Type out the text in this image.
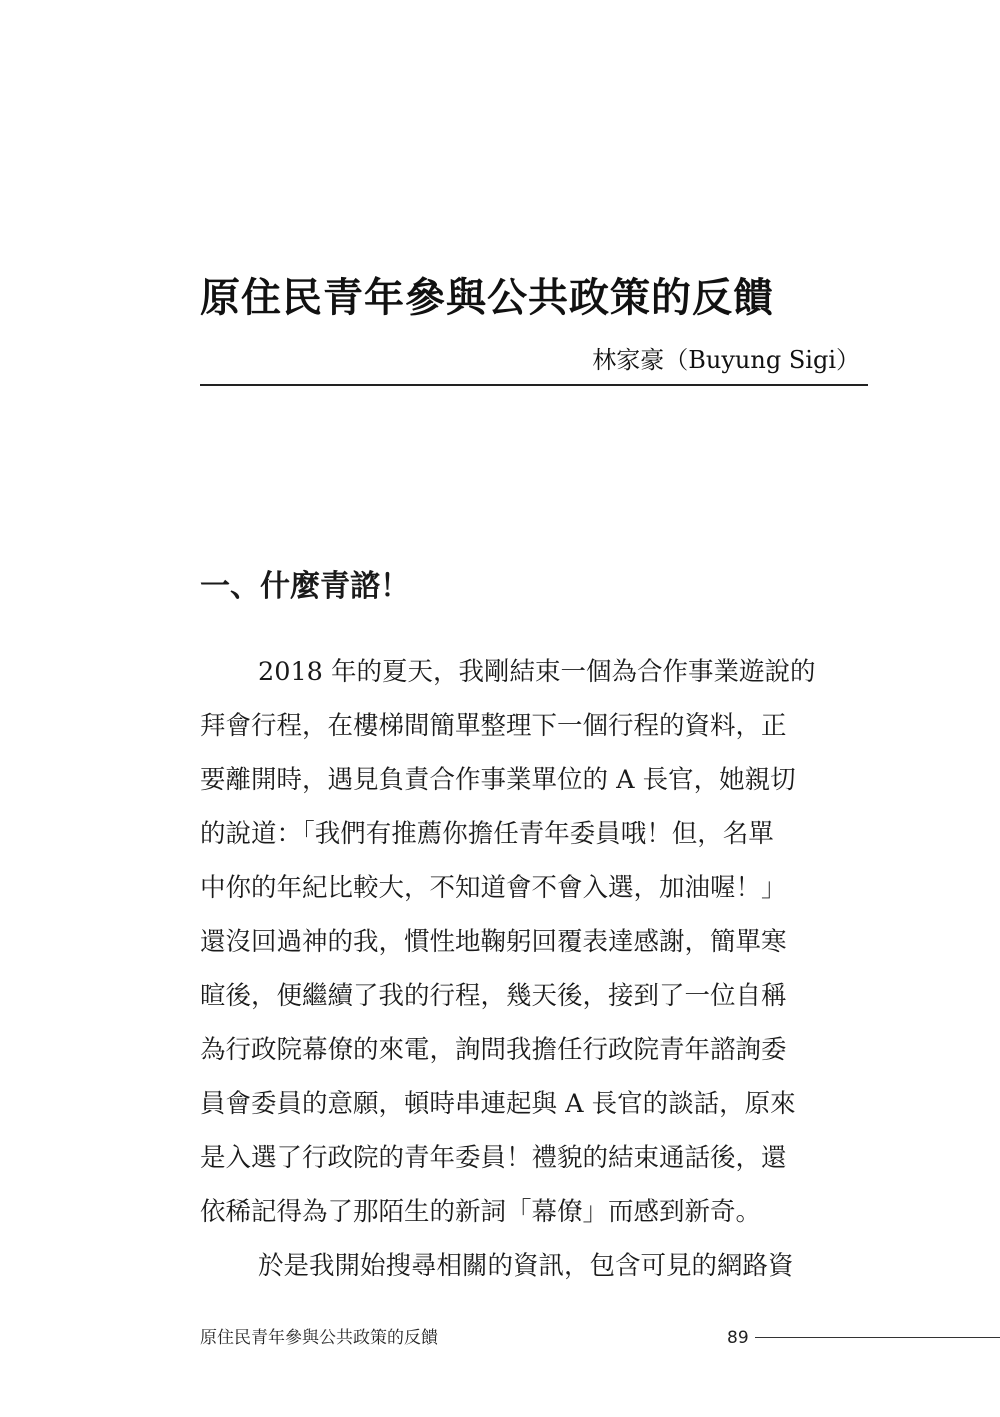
原住民青年參與公共政策的反饋
林家豪（Buyung Sigi）
一、什麼青諮！
2018 年的夏天，我剛結束一個為合作事業遊說的
拜會行程，在樓梯間簡單整理下一個行程的資料，正
要離開時，遇見負責合作事業單位的 A 長官，她親切
的說道：「我們有推薦你擔任青年委員哦！但，名單
中你的年紀比較大，不知道會不會入選，加油喔！」
還沒回過神的我，慣性地鞠躬回覆表達感謝，簡單寒
暄後，便繼續了我的行程，幾天後，接到了一位自稱
為行政院幕僚的來電，詢問我擔任行政院青年諮詢委
員會委員的意願，頓時串連起與 A 長官的談話，原來
是入選了行政院的青年委員！禮貌的結束通話後，還
依稀記得為了那陌生的新詞「幕僚」而感到新奇。
於是我開始搜尋相關的資訊，包含可見的網路資
原住民青年參與公共政策的反饋	89
